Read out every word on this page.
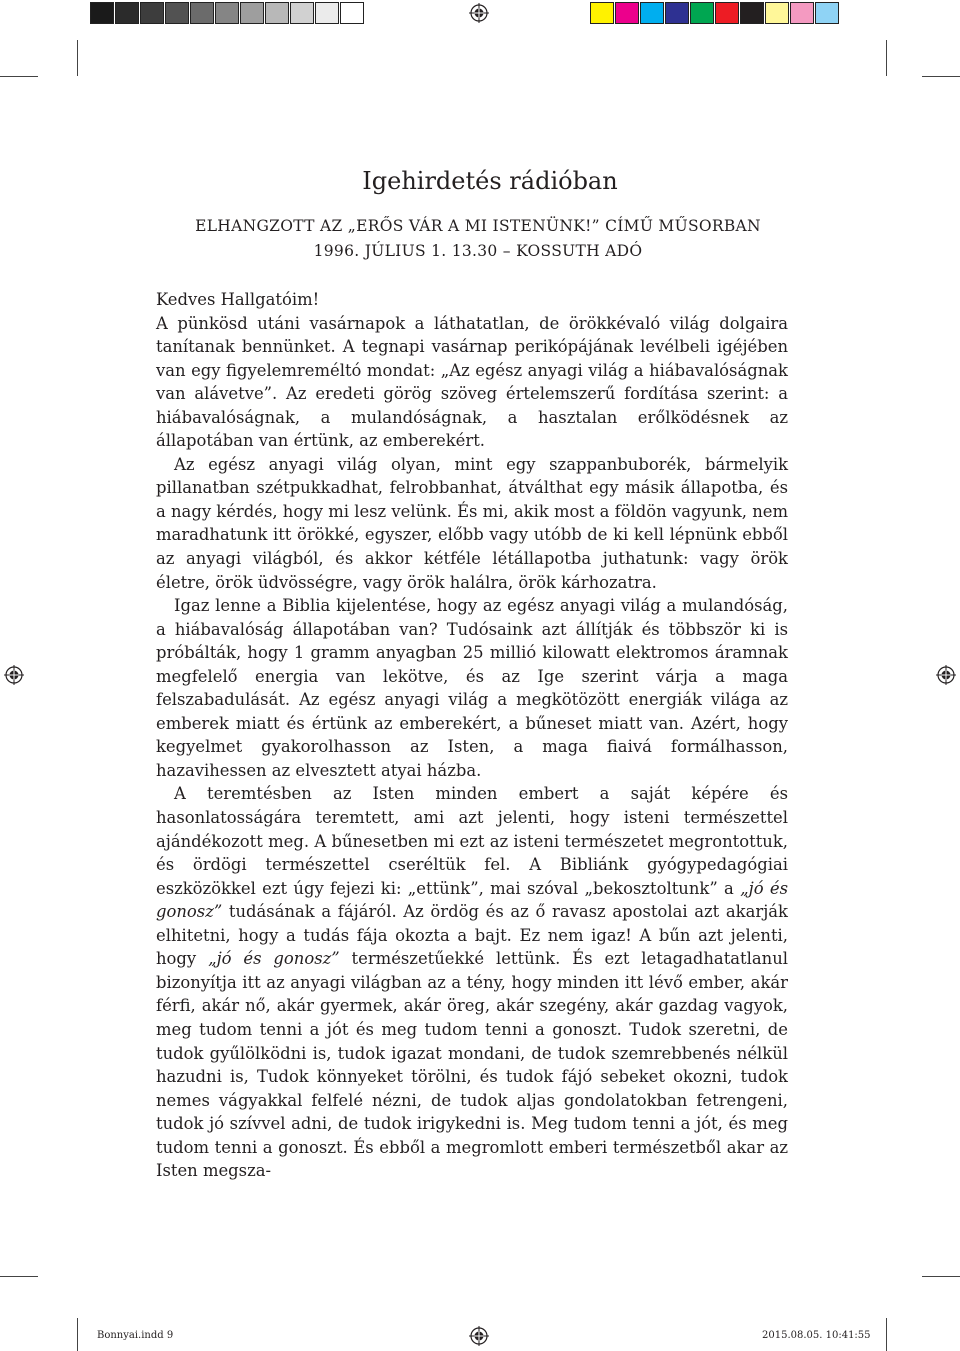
Igehirdetés rádióban
ELHANGZOTT AZ „ERŐS VÁR A MI ISTENÜNK!” CÍMŰ MŰSORBAN
1996. JÚLIUS 1. 13.30 – KOSSUTH ADÓ

Kedves Hallgatóim!

A pünkösd utáni vasárnapok a láthatatlan, de örökkévaló világ dolgaira tanítanak bennünket. A tegnapi vasárnap perikópájának levélbeli igéjében van egy figyelemreméltó mondat: „Az egész anyagi világ a hiábavalóságnak van alávetve”. Az eredeti görög szöveg értelemszerű fordítása szerint: a hiábavalóságnak, a mulandóságnak, a hasztalan erőlködésnek az állapotában van értünk, az emberekért.

Az egész anyagi világ olyan, mint egy szappanbuborék, bármelyik pillanatban szétpukkadhat, felrobbanhat, átválthat egy másik állapotba, és a nagy kérdés, hogy mi lesz velünk. És mi, akik most a földön vagyunk, nem maradhatunk itt örökké, egyszer, előbb vagy utóbb de ki kell lépnünk ebből az anyagi világból, és akkor kétféle létállapotba juthatunk: vagy örök életre, örök üdvösségre, vagy örök halálra, örök kárhozatra.

Igaz lenne a Biblia kijelentése, hogy az egész anyagi világ a mulandóság, a hiábavalóság állapotában van? Tudósaink azt állítják és többször ki is próbálták, hogy 1 gramm anyagban 25 millió kilowatt elektromos áramnak megfelelő energia van lekötve, és az Ige szerint várja a maga felszabadulását. Az egész anyagi világ a megkötözött energiák világa az emberek miatt és értünk az emberekért, a bűneset miatt van. Azért, hogy kegyelmet gyakorolhasson az Isten, a maga fiaivá formálhasson, hazavihessen az elvesztett atyai házba.

A teremtésben az Isten minden embert a saját képére és hasonlatosságára teremtett, ami azt jelenti, hogy isteni természettel ajándékozott meg. A bűnesetben mi ezt az isteni természetet megrontottuk, és ördögi természettel cseréltük fel. A Bibliánk gyógypedagógiai eszközökkel ezt úgy fejezi ki: „ettünk”, mai szóval „bekosztoltunk” a „jó és gonosz” tudásának a fájáról. Az ördög és az ő ravasz apostolai azt akarják elhitetni, hogy a tudás fája okozta a bajt. Ez nem igaz! A bűn azt jelenti, hogy „jó és gonosz” természetűekké lettünk. És ezt letagadhatatlanul bizonyítja itt az anyagi világban az a tény, hogy minden itt lévő ember, akár férfi, akár nő, akár gyermek, akár öreg, akár szegény, akár gazdag vagyok, meg tudom tenni a jót és meg tudom tenni a gonoszt. Tudok szeretni, de tudok gyűlölködni is, tudok igazat mondani, de tudok szemrebbenés nélkül hazudni is, Tudok könnyeket törölni, és tudok fájó sebeket okozni, tudok nemes vágyakkal felfelé nézni, de tudok aljas gondolatokban fetrengeni, tudok jó szívvel adni, de tudok irigykedni is. Meg tudom tenni a jót, és meg tudom tenni a gonoszt. És ebből a megromlott emberi természetből akar az Isten megsza-

Bonnyai.indd 9	2015.08.05. 10:41:55
